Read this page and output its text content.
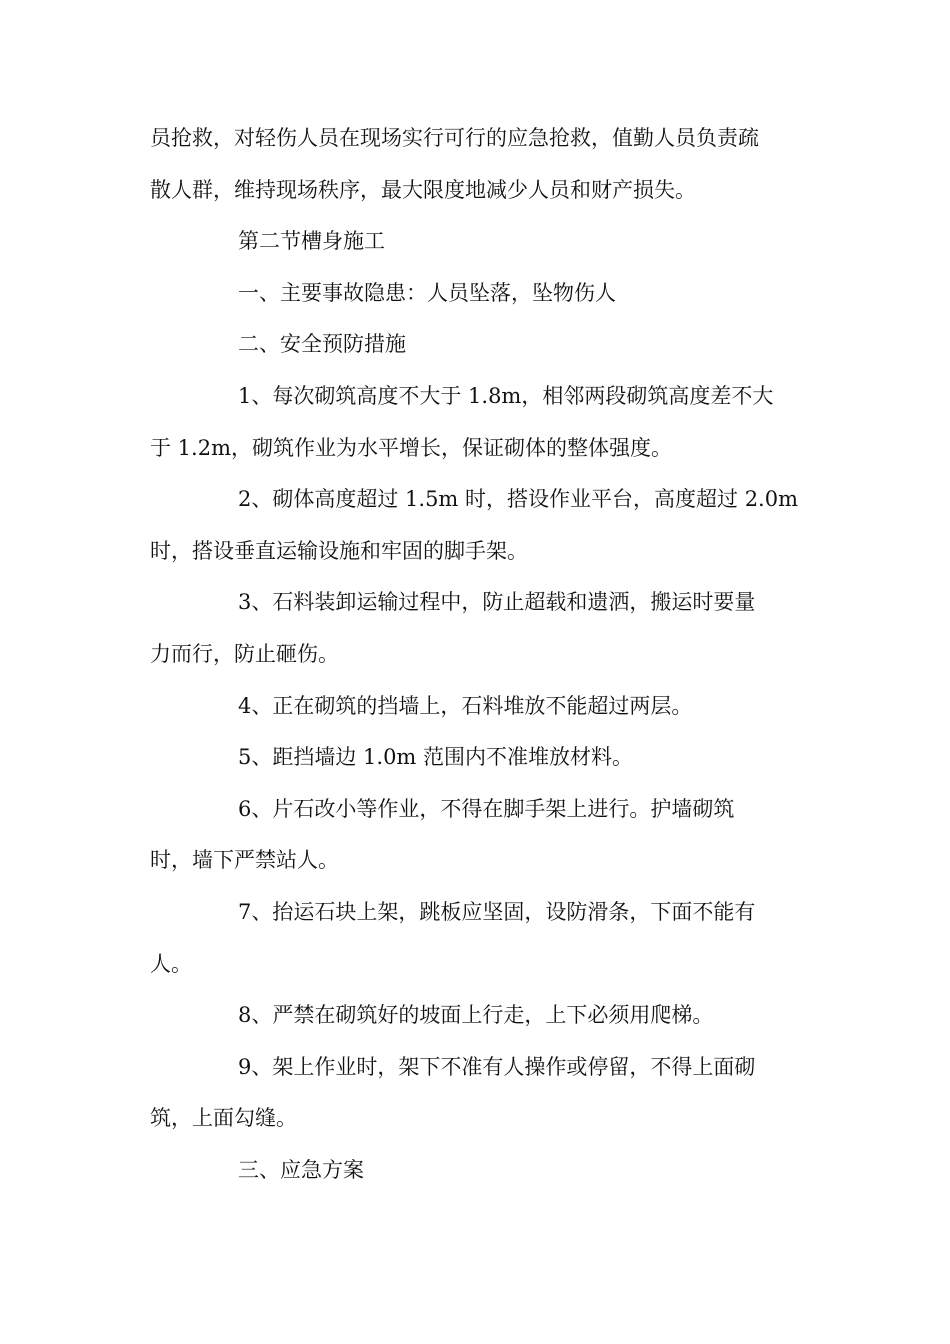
员抢救，对轻伤人员在现场实行可行的应急抢救，值勤人员负责疏
散人群，维持现场秩序，最大限度地减少人员和财产损失。

第二节槽身施工

一、主要事故隐患：人员坠落，坠物伤人

二、安全预防措施

1、每次砌筑高度不大于 1.8m，相邻两段砌筑高度差不大
于 1.2m，砌筑作业为水平增长，保证砌体的整体强度。

2、砌体高度超过 1.5m 时，搭设作业平台，高度超过 2.0m
时，搭设垂直运输设施和牢固的脚手架。

3、石料装卸运输过程中，防止超载和遗洒，搬运时要量
力而行，防止砸伤。

4、正在砌筑的挡墙上，石料堆放不能超过两层。

5、距挡墙边 1.0m 范围内不准堆放材料。

6、片石改小等作业，不得在脚手架上进行。护墙砌筑
时，墙下严禁站人。

7、抬运石块上架，跳板应坚固，设防滑条，下面不能有
人。

8、严禁在砌筑好的坡面上行走，上下必须用爬梯。

9、架上作业时，架下不准有人操作或停留，不得上面砌
筑，上面勾缝。

三、应急方案
